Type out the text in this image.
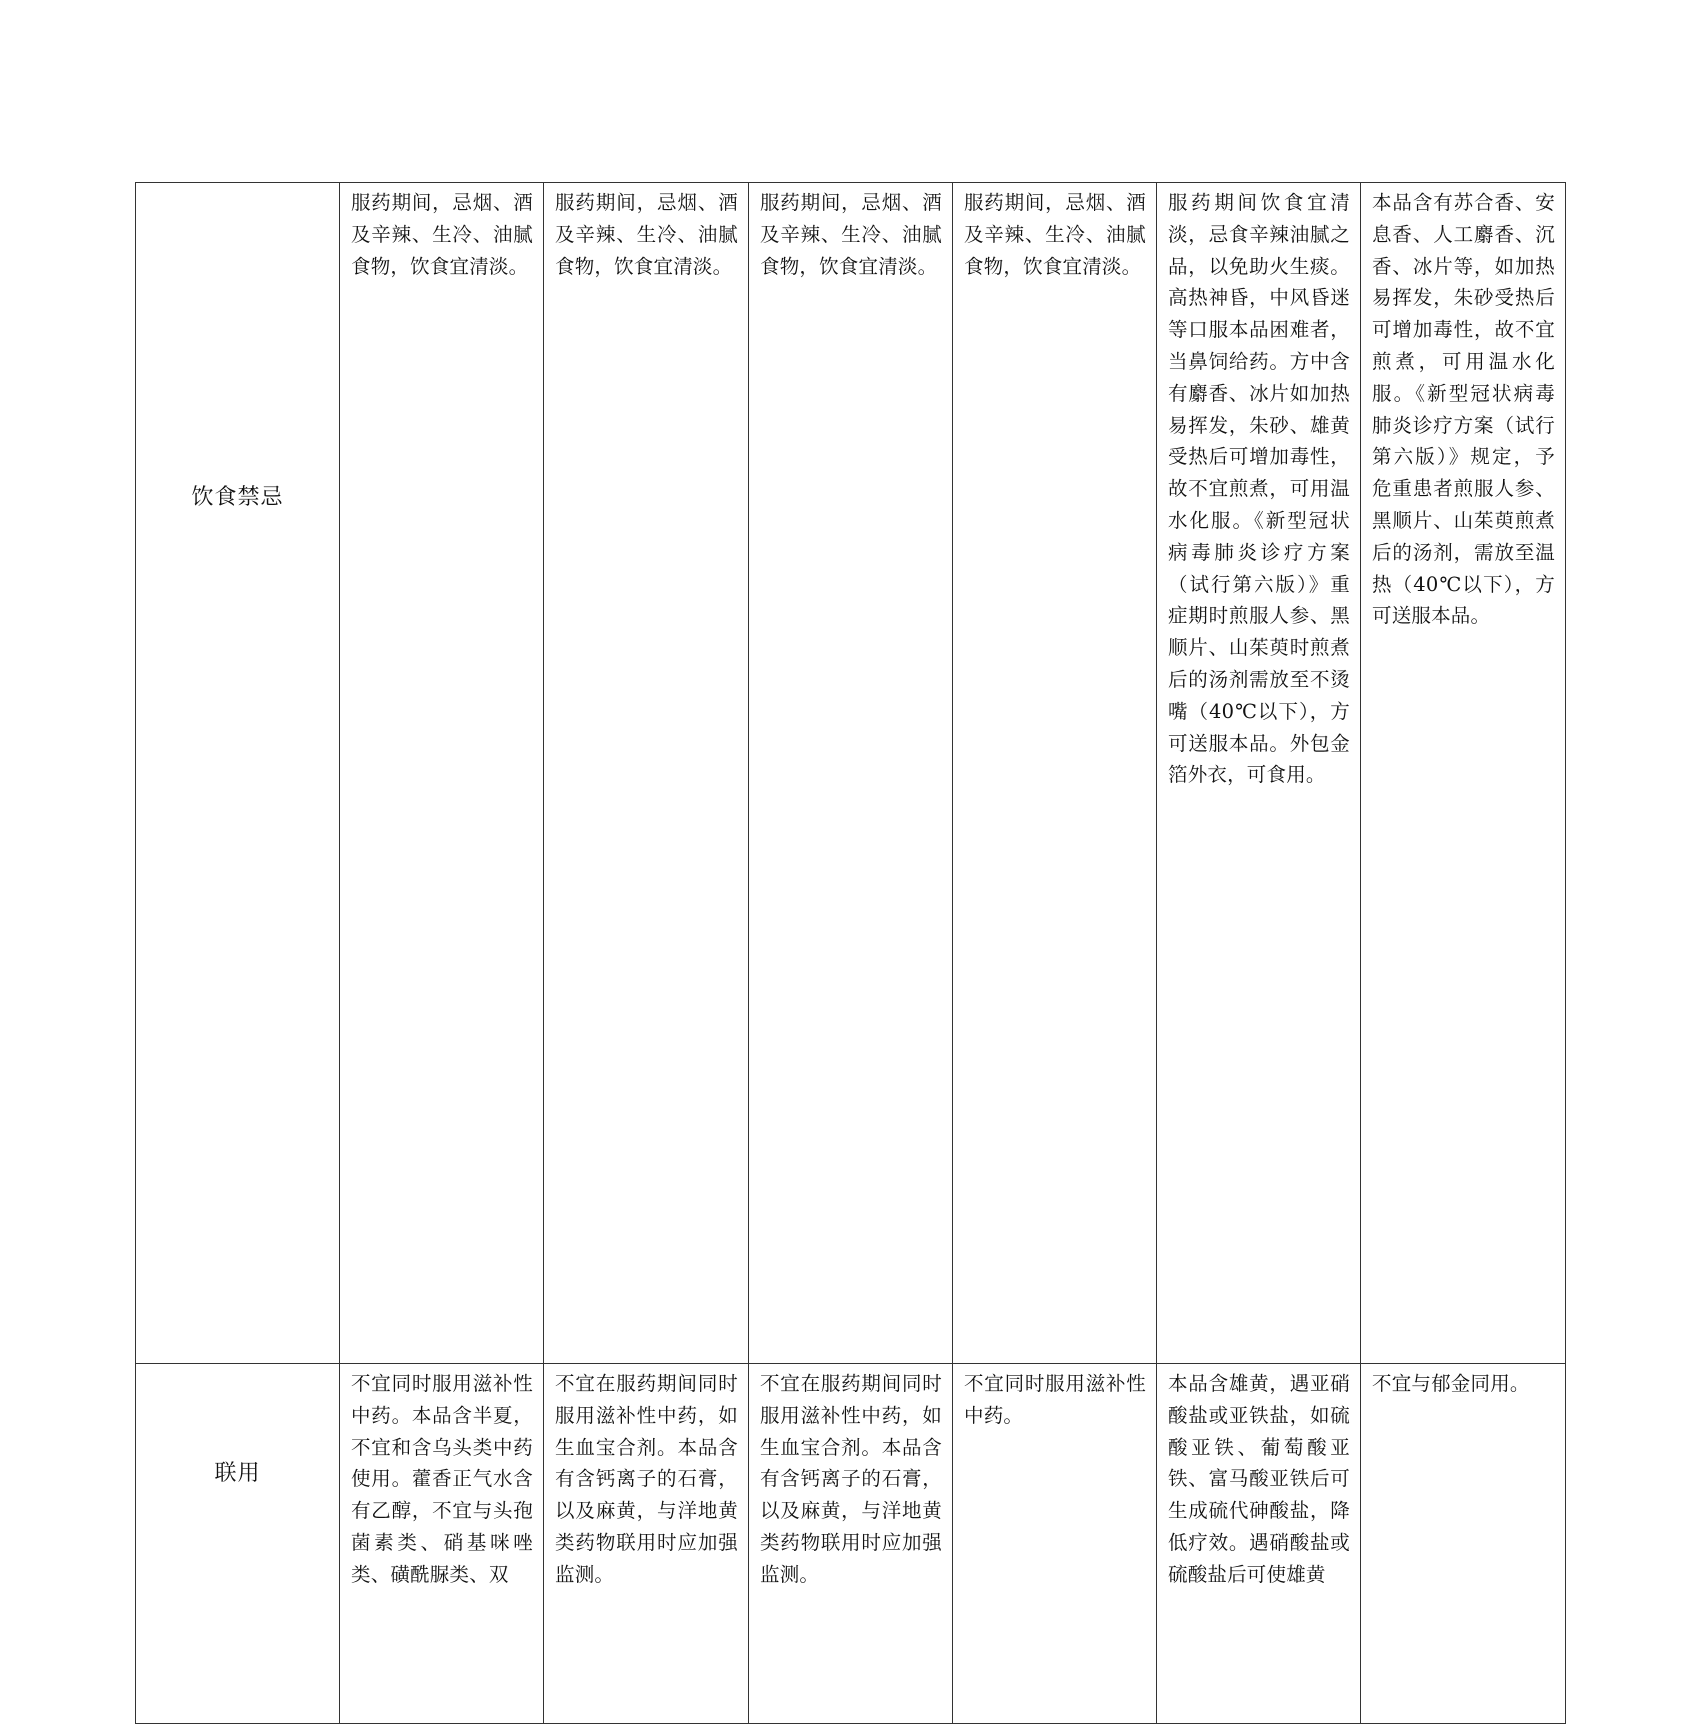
饮食禁忌	服药期间，忌烟、酒及辛辣、生冷、油腻食物，饮食宜清淡。	服药期间，忌烟、酒及辛辣、生冷、油腻食物，饮食宜清淡。	服药期间，忌烟、酒及辛辣、生冷、油腻食物，饮食宜清淡。	服药期间，忌烟、酒及辛辣、生冷、油腻食物，饮食宜清淡。	服药期间饮食宜清淡，忌食辛辣油腻之品，以免助火生痰。高热神昏，中风昏迷等口服本品困难者，当鼻饲给药。方中含有麝香、冰片如加热易挥发，朱砂、雄黄受热后可增加毒性，故不宜煎煮，可用温水化服。《新型冠状病毒肺炎诊疗方案（试行第六版）》重症期时煎服人参、黑顺片、山茱萸时煎煮后的汤剂需放至不烫嘴（40℃以下），方可送服本品。外包金箔外衣，可食用。	本品含有苏合香、安息香、人工麝香、沉香、冰片等，如加热易挥发，朱砂受热后可增加毒性，故不宜煎煮，可用温水化服。《新型冠状病毒肺炎诊疗方案（试行第六版）》规定，予危重患者煎服人参、黑顺片、山茱萸煎煮后的汤剂，需放至温热（40℃以下），方可送服本品。
联用	不宜同时服用滋补性中药。本品含半夏，不宜和含乌头类中药使用。藿香正气水含有乙醇，不宜与头孢菌素类、硝基咪唑类、磺酰脲类、双	不宜在服药期间同时服用滋补性中药，如生血宝合剂。本品含有含钙离子的石膏，以及麻黄，与洋地黄类药物联用时应加强监测。	不宜在服药期间同时服用滋补性中药，如生血宝合剂。本品含有含钙离子的石膏，以及麻黄，与洋地黄类药物联用时应加强监测。	不宜同时服用滋补性中药。	本品含雄黄，遇亚硝酸盐或亚铁盐，如硫酸亚铁、葡萄酸亚铁、富马酸亚铁后可生成硫代砷酸盐，降低疗效。遇硝酸盐或硫酸盐后可使雄黄	不宜与郁金同用。
